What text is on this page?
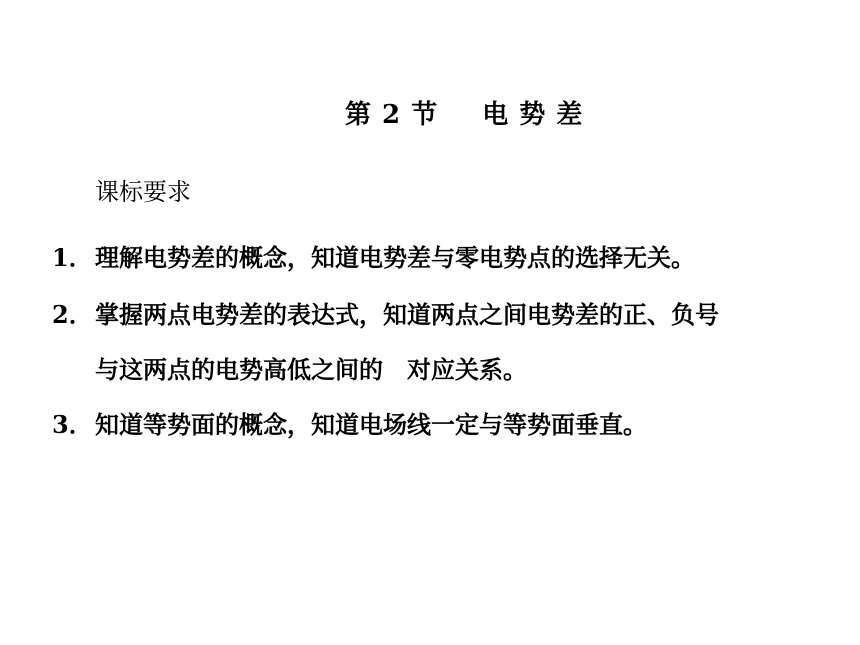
第 2 节 电 势 差
课标要求
1．理解电势差的概念，知道电势差与零电势点的选择无关。
2．掌握两点电势差的表达式，知道两点之间电势差的正、负号
与这两点的电势高低之间的 对应关系。
3．知道等势面的概念，知道电场线一定与等势面垂直。
